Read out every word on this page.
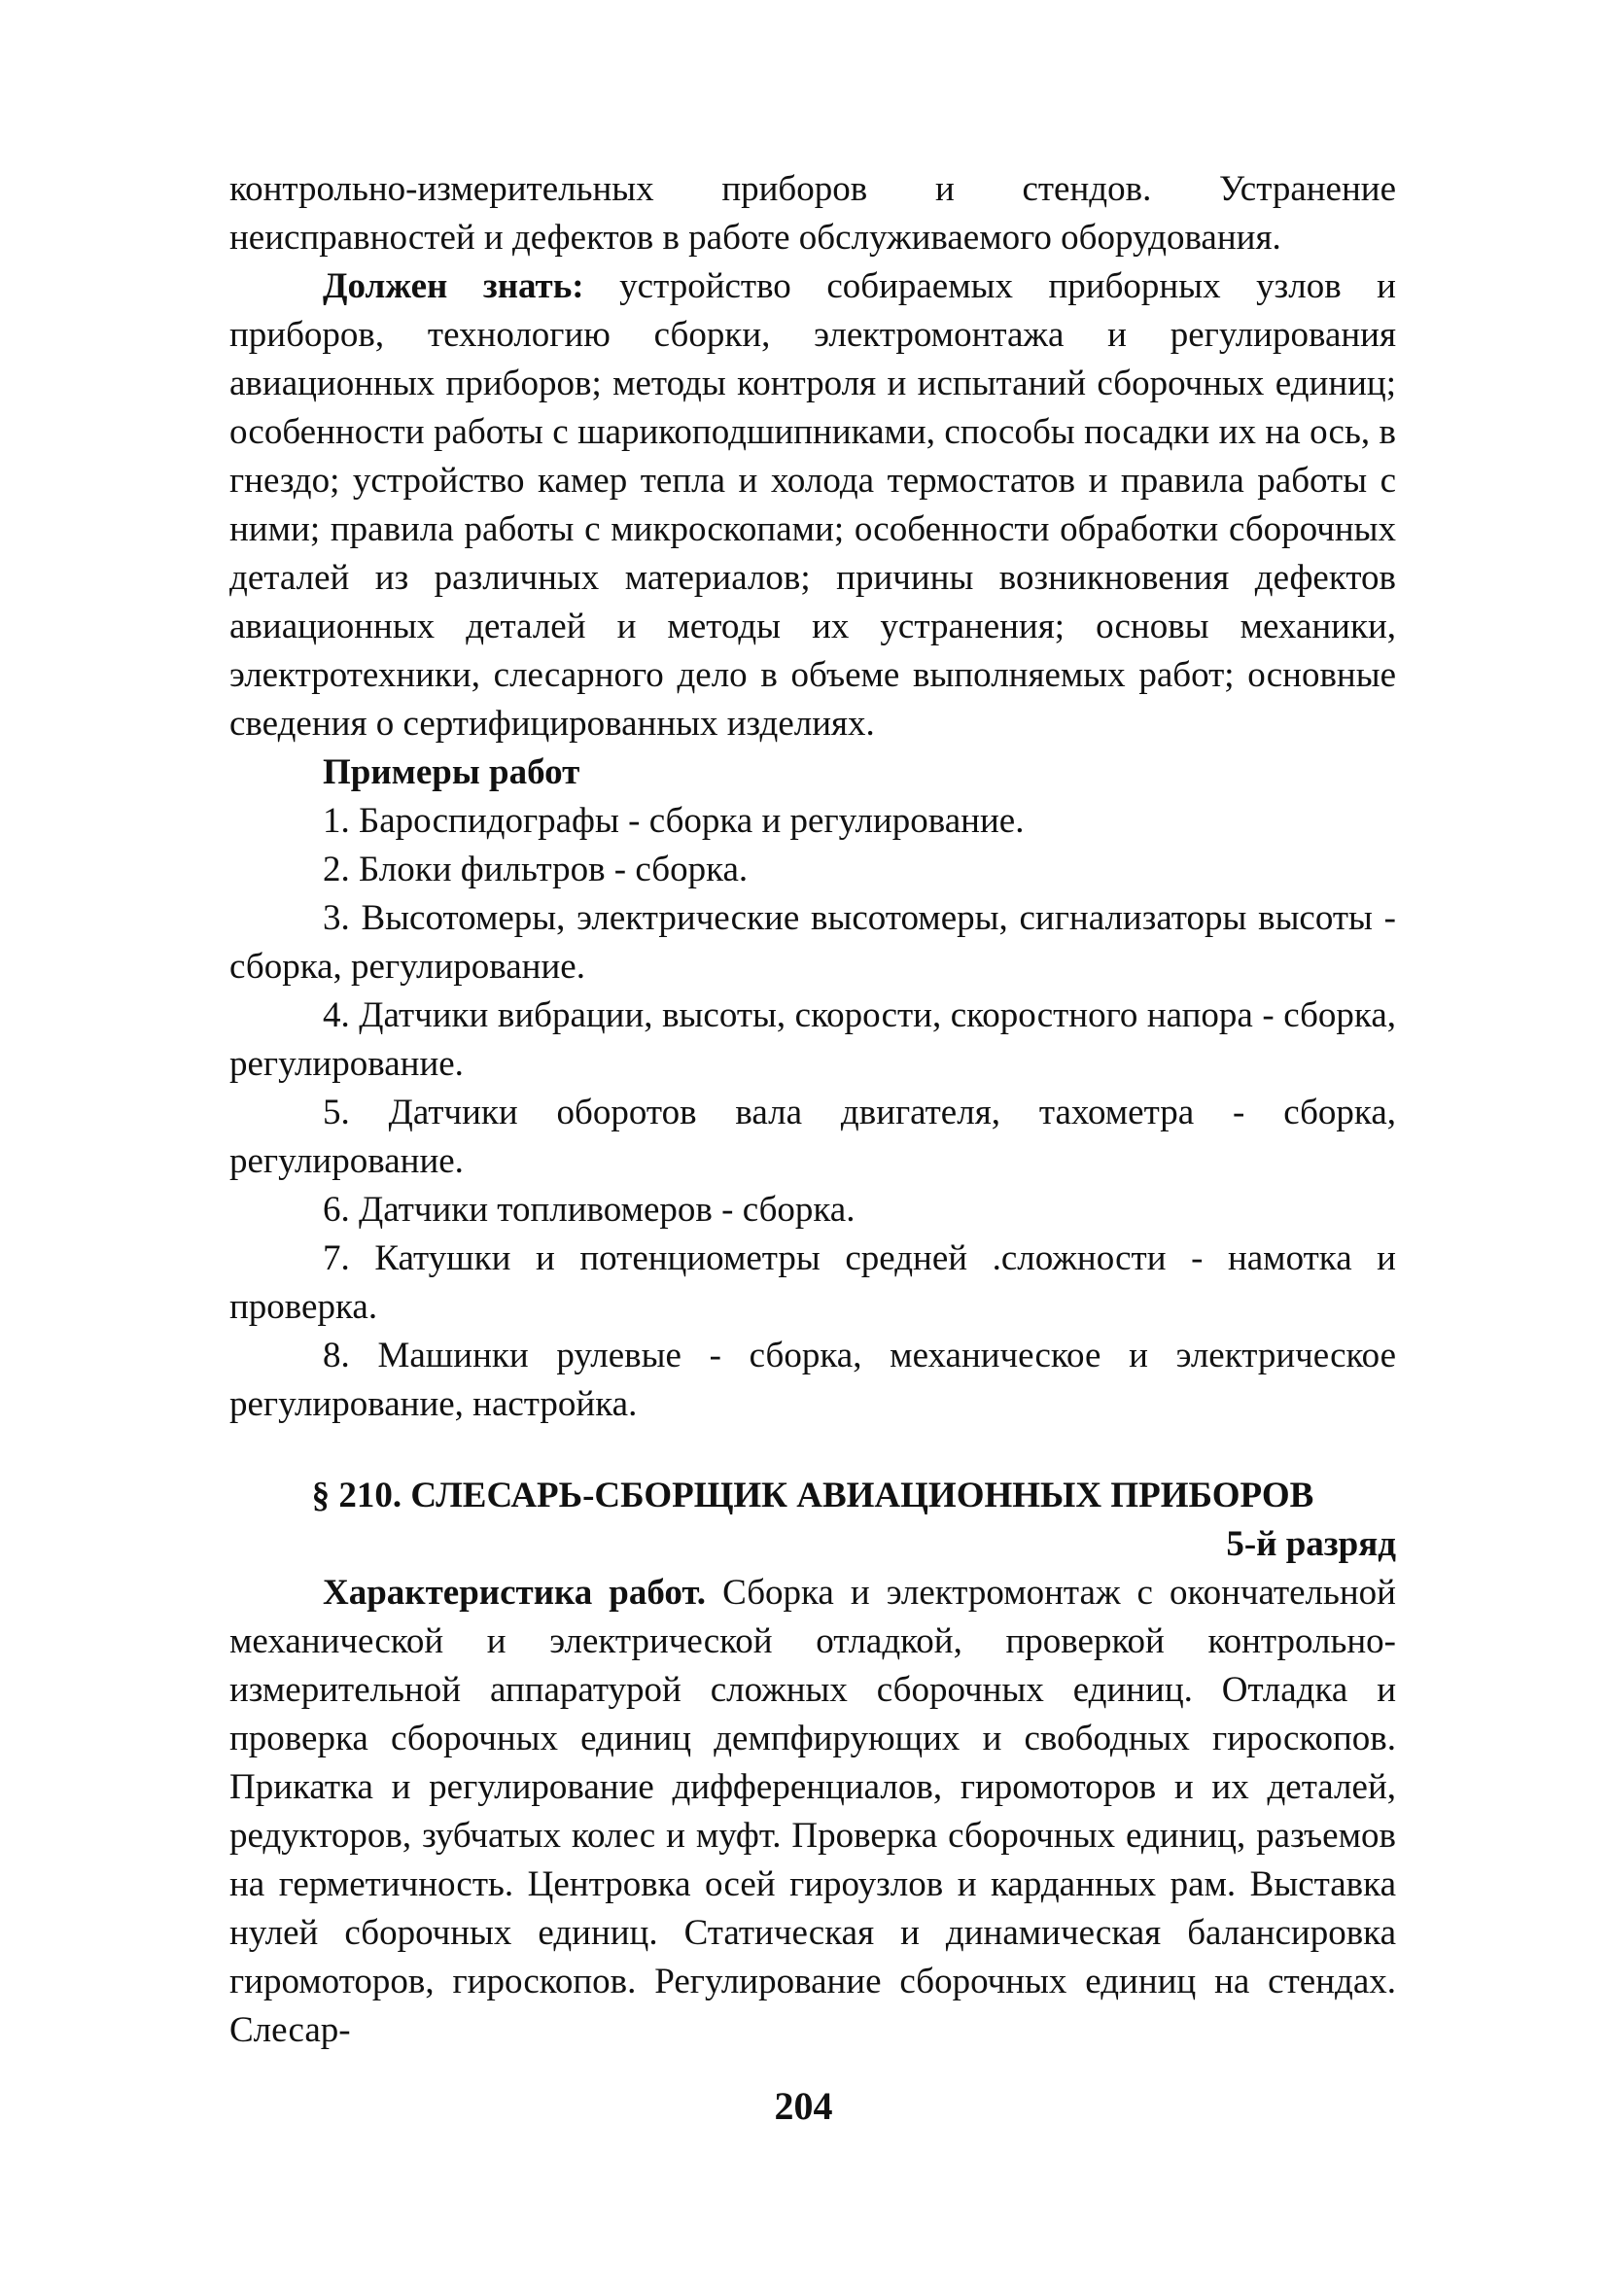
контрольно-измерительных приборов и стендов. Устранение неисправностей и дефектов в работе обслуживаемого оборудования.

Должен знать: устройство собираемых приборных узлов и приборов, технологию сборки, электромонтажа и регулирования авиационных приборов; методы контроля и испытаний сборочных единиц; особенности работы с шарикоподшипниками, способы посадки их на ось, в гнездо; устройство камер тепла и холода термостатов и правила работы с ними; правила работы с микроскопами; особенности обработки сборочных деталей из различных материалов; причины возникновения дефектов авиационных деталей и методы их устранения; основы механики, электротехники, слесарного дело в объеме выполняемых работ; основные сведения о сертифицированных изделиях.

Примеры работ

1. Бароспидографы - сборка и регулирование.

2. Блоки фильтров - сборка.

3. Высотомеры, электрические высотомеры, сигнализаторы высоты - сборка, регулирование.

4. Датчики вибрации, высоты, скорости, скоростного напора - сборка, регулирование.

5. Датчики оборотов вала двигателя, тахометра - сборка, регулирование.

6. Датчики топливомеров - сборка.

7. Катушки и потенциометры средней .сложности - намотка и проверка.

8. Машинки рулевые - сборка, механическое и электрическое регулирование, настройка.

§ 210. СЛЕСАРЬ-СБОРЩИК АВИАЦИОННЫХ ПРИБОРОВ

5-й разряд

Характеристика работ. Сборка и электромонтаж с окончательной механической и электрической отладкой, проверкой контрольно-измерительной аппаратурой сложных сборочных единиц. Отладка и проверка сборочных единиц демпфирующих и свободных гироскопов. Прикатка и регулирование дифференциалов, гиромоторов и их деталей, редукторов, зубчатых колес и муфт. Проверка сборочных единиц, разъемов на герметичность. Центровка осей гироузлов и карданных рам. Выставка нулей сборочных единиц. Статическая и динамическая балансировка гиромоторов, гироскопов. Регулирование сборочных единиц на стендах. Слесар-

204
